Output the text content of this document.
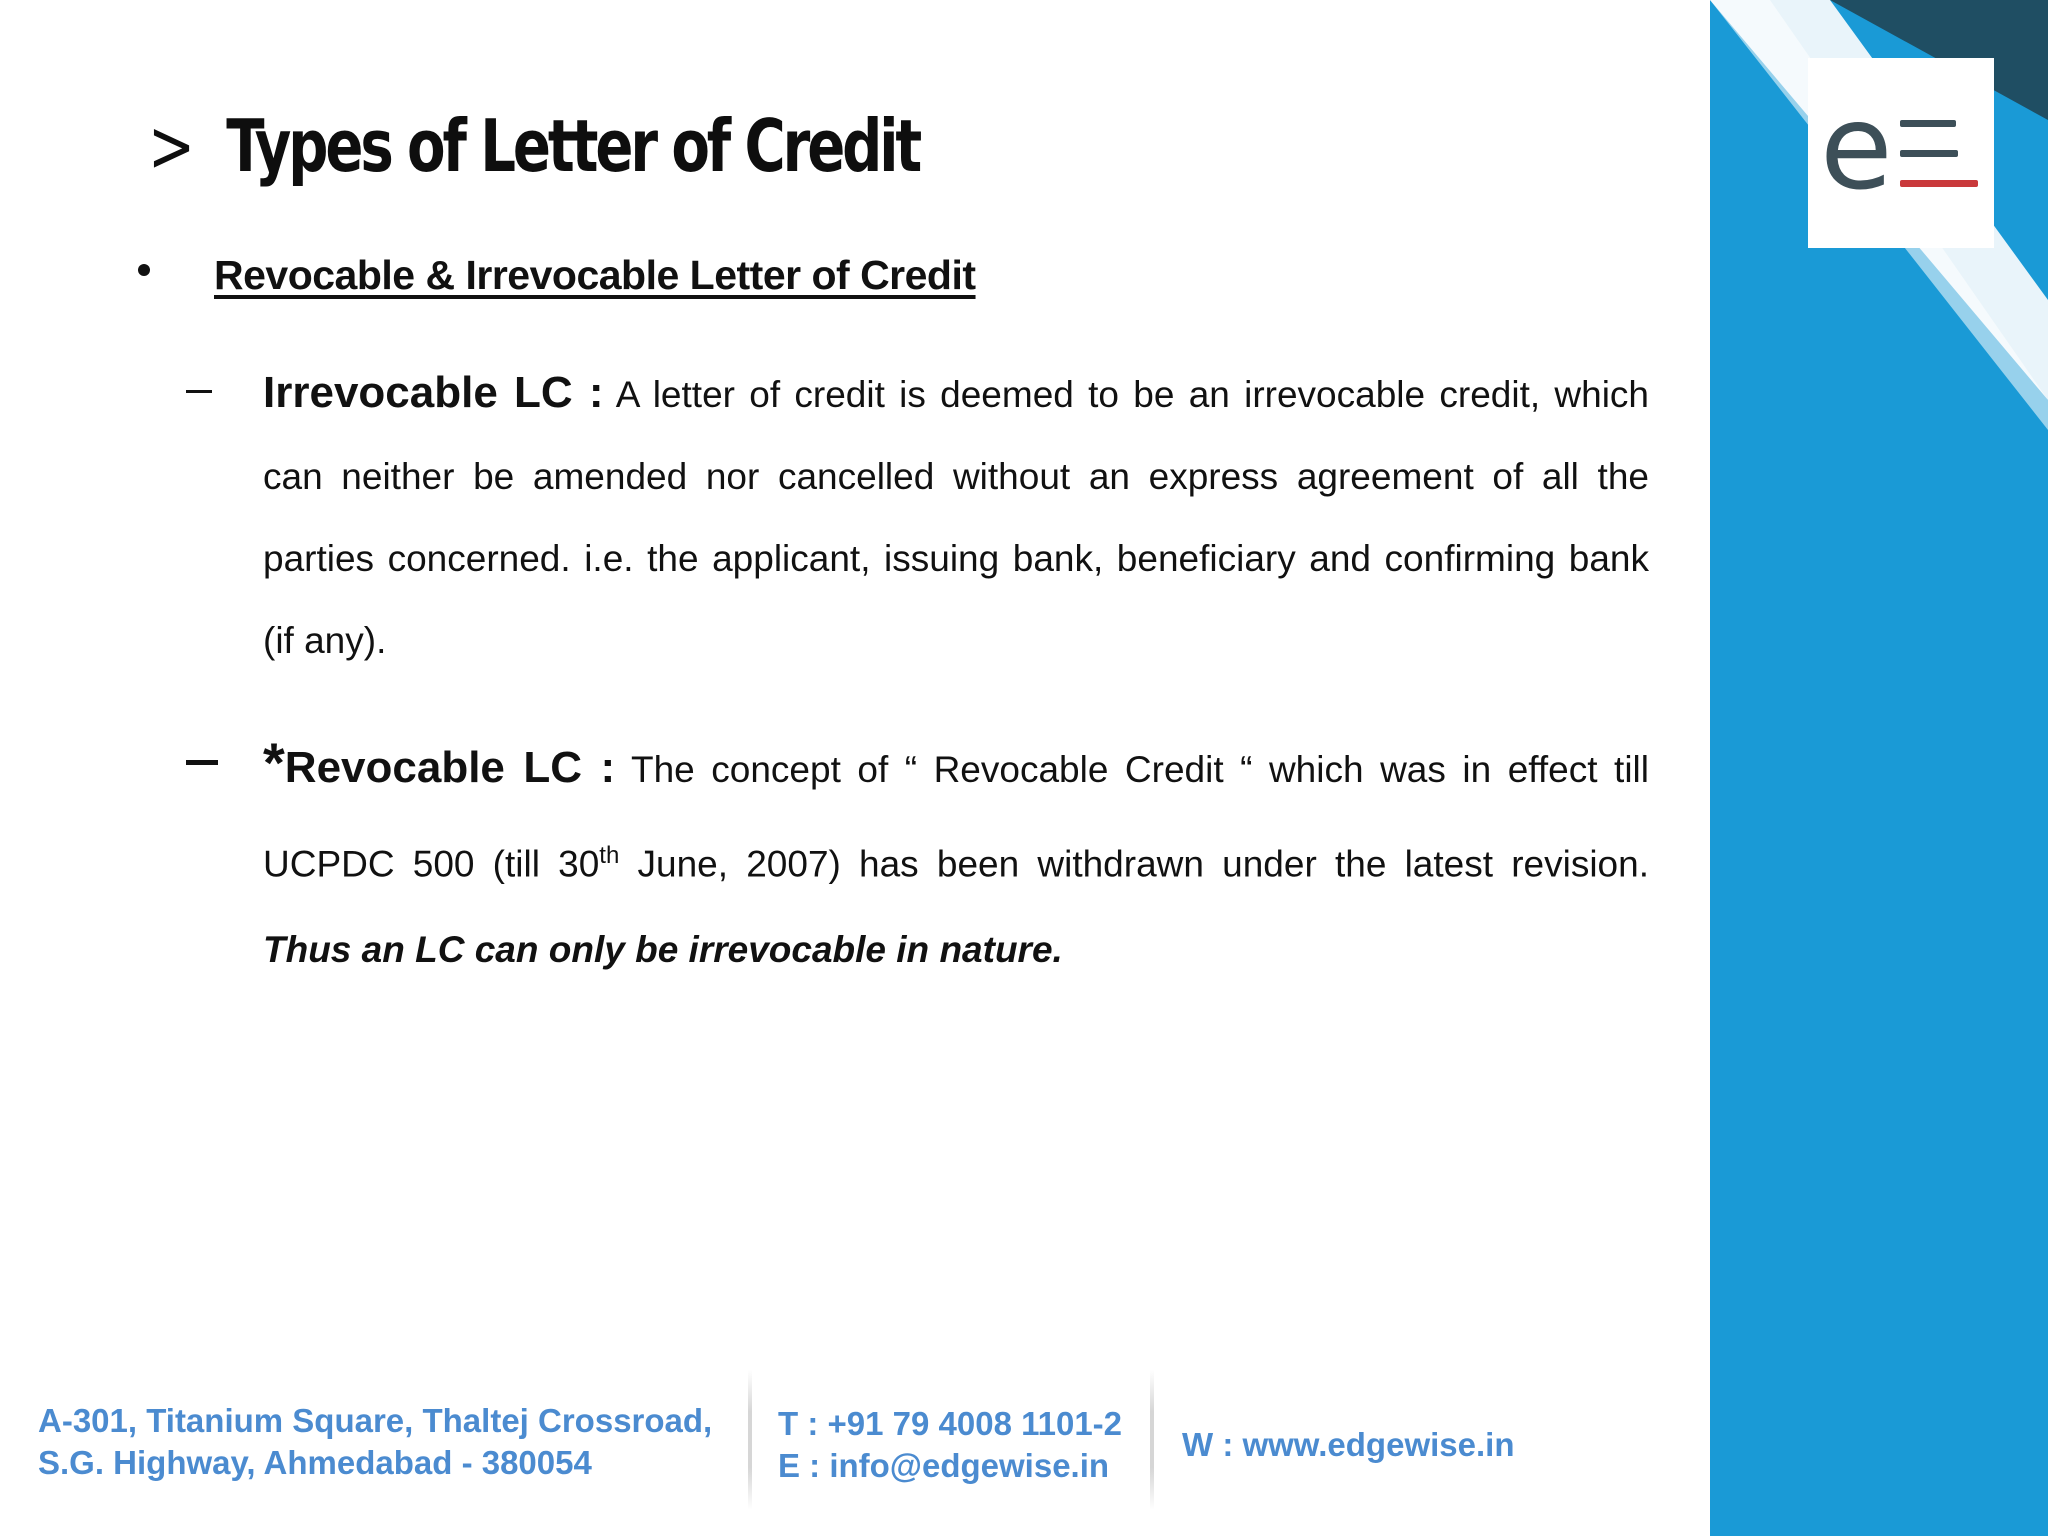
e
> Types of Letter of Credit
Revocable & Irrevocable Letter of Credit
Irrevocable LC : A letter of credit is deemed to be an irrevocable credit, which can neither be amended nor cancelled without an express agreement of all the parties concerned. i.e. the applicant, issuing bank, beneficiary and confirming bank (if any).
*Revocable LC : The concept of “ Revocable Credit “ which was in effect till UCPDC 500 (till 30th June, 2007) has been withdrawn under the latest revision. Thus an LC can only be irrevocable in nature.
A-301, Titanium Square, Thaltej Crossroad,
S.G. Highway, Ahmedabad - 380054
T : +91 79 4008 1101-2
E : info@edgewise.in
W : www.edgewise.in
